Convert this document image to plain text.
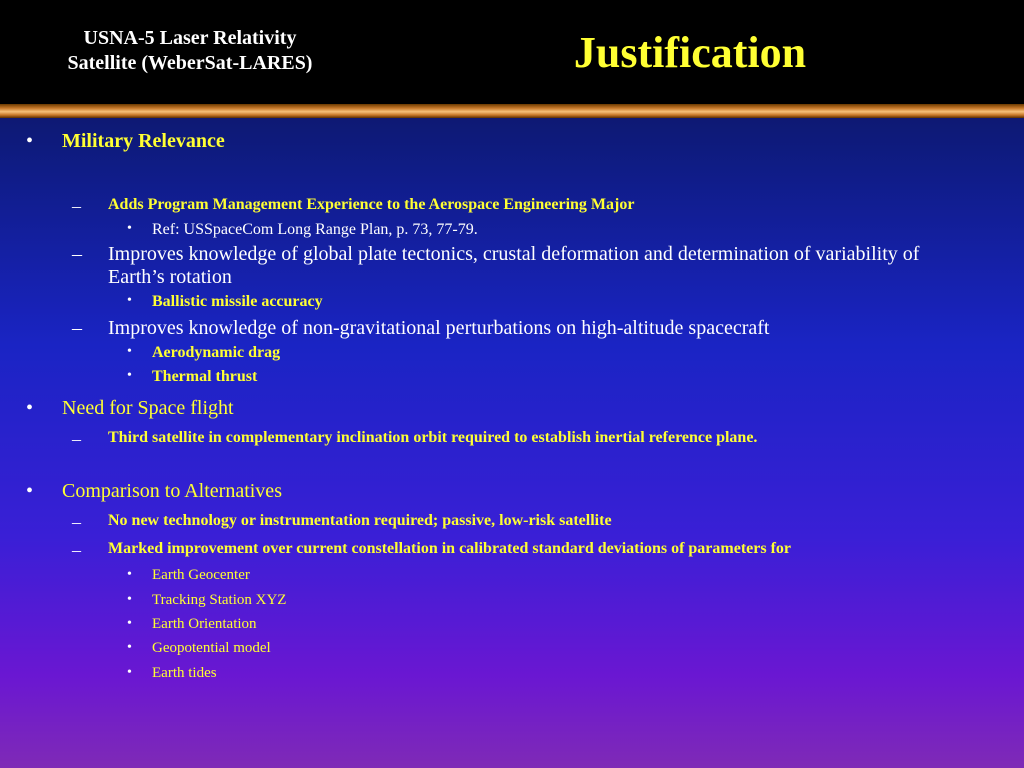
USNA-5 Laser Relativity
Satellite (WeberSat-LARES)	Justification
• Military Relevance
– Adds Program Management Experience to the Aerospace Engineering Major
• Ref: USSpaceCom Long Range Plan, p. 73, 77-79.
– Improves knowledge of global plate tectonics, crustal deformation and determination of variability of Earth’s rotation
• Ballistic missile accuracy
– Improves knowledge of non-gravitational perturbations on high-altitude spacecraft
• Aerodynamic drag
• Thermal thrust
• Need for Space flight
– Third satellite in complementary inclination orbit required to establish inertial reference plane.
• Comparison to Alternatives
– No new technology or instrumentation required; passive, low-risk satellite
– Marked improvement over current constellation in calibrated standard deviations of parameters for
• Earth Geocenter
• Tracking Station XYZ
• Earth Orientation
• Geopotential model
• Earth tides
